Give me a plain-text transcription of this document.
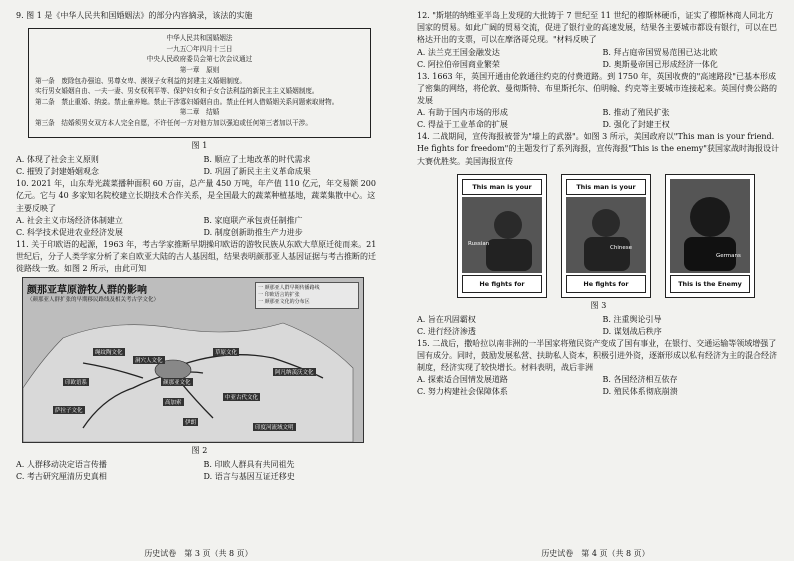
9. 图 1 是《中华人民共和国婚姻法》的部分内容摘录，该法的实施

中华人民共和国婚姻法
一九五〇年四月十三日
中央人民政府委员会第七次会议通过
第一章　原则
第一条　废除包办强迫、男尊女卑、漠视子女利益的封建主义婚姻制度。
实行男女婚姻自由、一夫一妻、男女权利平等、保护妇女和子女合法利益的新民主主义婚姻制度。
第二条　禁止重婚、纳妾。禁止童养媳。禁止干涉寡妇婚姻自由。禁止任何人借婚姻关系问题索取财物。
第二章　结婚
第三条　结婚须男女双方本人完全自愿，不许任何一方对他方加以强迫或任何第三者加以干涉。
图 1
A. 体现了社会主义原则	B. 顺应了土地改革的时代需求
C. 摧毁了封建婚姻观念	D. 巩固了新民主主义革命成果

10. 2021 年，山东寿光蔬菜播种面积 60 万亩，总产量 450 万吨，年产值 110 亿元，年交易额 200 亿元。它与 40 多家知名院校建立长期技术合作关系，是全国最大的蔬菜种植基地，蔬菜集散中心。这主要反映了

A. 社会主义市场经济体制建立	B. 家庭联产承包责任制推广
C. 科学技术促进农业经济发展	D. 制度创新助推生产力进步

11. 关于印欧语的起源，1963 年，考古学家推断早期操印欧语的游牧民族从东欧大草原迁徙而来。21 世纪后，分子人类学家分析了来自欧亚大陆的古人基因组，结果表明颜那亚人基因证据与考古推断的迁徙路线一致。如图 2 所示，由此可知

颜那亚草原游牧人群的影响
（颜那亚人群扩张的早期移民路线及相关考古学文化）
一 颜那亚人群早期传播路线
一 印欧语言的扩张
一 颜那亚文化的分布区
颜那亚文化
绳纹陶文化
洞穴人文化
伊朗
中亚古代文化
印度河流域文明
阿凡纳羡沃文化
萨拉子文化
高加索
草原文化
印欧语系
图 2
A. 人群移动决定语言传播	B. 印欧人群具有共同祖先
C. 考古研究厘清历史真相	D. 语言与基因互证迁移史
历史试卷　第 3 页（共 8 页）

12. "斯堪的纳维亚半岛上发现的大批铸于 7 世纪至 11 世纪的穆斯林硬币，证实了穆斯林商人同北方国家的贸易。如此广阔的贸易交流，促进了银行业的高速发展，结果各主要城市都设有银行，可以在巴格达开出的支票，可以在摩洛哥兑现。"材料反映了

A. 法兰克王国金融发达	B. 拜占庭帝国贸易范围已达北欧
C. 阿拉伯帝国商业繁荣	D. 奥斯曼帝国已形成经济一体化

13. 1663 年，英国开通由伦敦通往约克的付费道路。到 1750 年，英国收费的"高速路段"已基本形成了密集的网络，将伦敦、曼彻斯特、布里斯托尔、伯明翰、约克等主要城市连接起来。英国付费公路的发展

A. 有助于国内市场的形成	B. 推动了殖民扩张
C. 得益于工业革命的扩展	D. 强化了封建王权

14. 二战期间，宣传海报被誉为"墙上的武器"。如图 3 所示，美国政府以"This man is your friend. He fights for freedom"的主题发行了系列海报，宣传海报"This is the enemy"获国家战时海报设计大赛优胜奖。美国海报宣传

This man is your
Russian
He fights for
This man is your
Chinese
He fights for
Germans
This is the Enemy
图 3
A. 旨在巩固霸权	B. 注重舆论引导
C. 进行经济渗透	D. 谋划战后秩序

15. 二战后，撒哈拉以南非洲的一半国家将殖民资产变成了国有事业，在银行、交通运输等领域增强了国有成分。同时，鼓励发展私营、扶助私人资本，积极引进外资，逐渐形成以私有经济为主的混合经济制度，经济实现了较快增长。材料表明，战后非洲

A. 探索适合国情发展道路	B. 各国经济相互依存
C. 努力构建社会保障体系	D. 殖民体系彻底崩溃
历史试卷　第 4 页（共 8 页）
